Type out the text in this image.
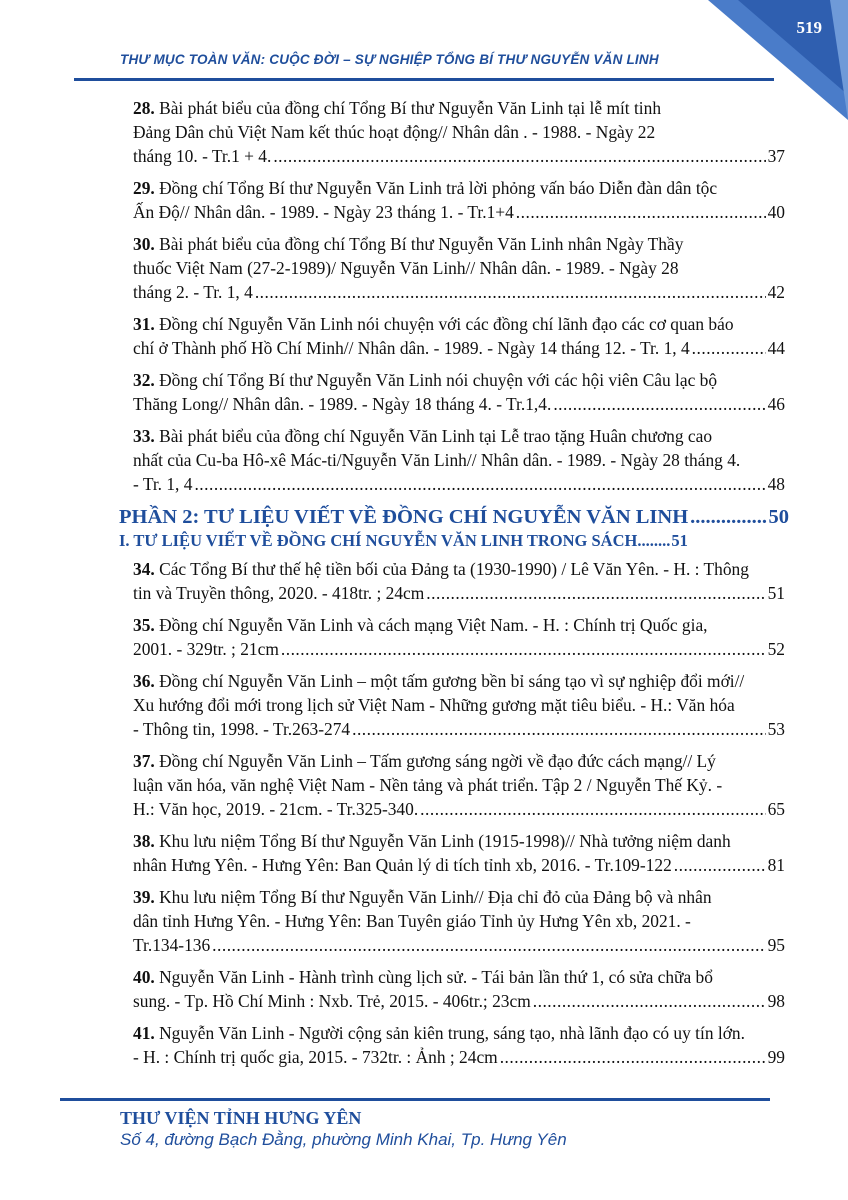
519
THƯ MỤC TOÀN VĂN: CUỘC ĐỜI – SỰ NGHIỆP TỔNG BÍ THƯ NGUYỄN VĂN LINH
28. Bài phát biểu của đồng chí Tổng Bí thư Nguyễn Văn Linh tại lễ mít tinh
Đảng Dân chủ Việt Nam kết thúc hoạt động// Nhân dân . - 1988. - Ngày 22
tháng 10. - Tr.1 + 4. .....	37
29. Đồng chí Tổng Bí thư Nguyễn Văn Linh trả lời phỏng vấn báo Diễn đàn dân tộc
Ấn Độ// Nhân dân. - 1989. - Ngày 23 tháng 1. - Tr.1+4 .....	40
30. Bài phát biểu của đồng chí Tổng Bí thư Nguyễn Văn Linh nhân Ngày Thầy
thuốc Việt Nam (27-2-1989)/ Nguyễn Văn Linh// Nhân dân. - 1989. - Ngày 28
tháng 2. - Tr. 1, 4 .....	42
31. Đồng chí Nguyễn Văn Linh nói chuyện với các đồng chí lãnh đạo các cơ quan báo
chí ở Thành phố Hồ Chí Minh// Nhân dân. - 1989. - Ngày 14 tháng 12. - Tr. 1, 4 .....	44
32. Đồng chí Tổng Bí thư Nguyễn Văn Linh nói chuyện với các hội viên Câu lạc bộ
Thăng Long// Nhân dân. - 1989. - Ngày 18 tháng 4. - Tr.1,4. .....	46
33. Bài phát biểu của đồng chí Nguyễn Văn Linh tại Lễ trao tặng Huân chương cao
nhất của Cu-ba Hô-xê Mác-ti/Nguyễn Văn Linh// Nhân dân. - 1989. - Ngày 28 tháng 4.
- Tr. 1, 4 .....	48
PHẦN 2: TƯ LIỆU VIẾT VỀ ĐỒNG CHÍ NGUYỄN VĂN LINH .....	50
I. TƯ LIỆU VIẾT VỀ ĐỒNG CHÍ NGUYỄN VĂN LINH TRONG SÁCH ..... 51
34. Các Tổng Bí thư thế hệ tiền bối của Đảng ta (1930-1990) / Lê Văn Yên. - H. : Thông
tin và Truyền thông, 2020. - 418tr. ; 24cm .....	51
35. Đồng chí Nguyễn Văn Linh và cách mạng Việt Nam. - H. : Chính trị Quốc gia,
2001. - 329tr. ; 21cm .....	52
36. Đồng chí Nguyễn Văn Linh – một tấm gương bền bỉ sáng tạo vì sự nghiệp đổi mới//
Xu hướng đổi mới trong lịch sử Việt Nam - Những gương mặt tiêu biểu. - H.: Văn hóa
- Thông tin, 1998. - Tr.263-274 .....	53
37. Đồng chí Nguyễn Văn Linh – Tấm gương sáng ngời về đạo đức cách mạng// Lý
luận văn hóa, văn nghệ Việt Nam - Nền tảng và phát triển. Tập 2 / Nguyễn Thế Kỷ. -
H.: Văn học, 2019. - 21cm. - Tr.325-340. .....	65
38. Khu lưu niệm Tổng Bí thư Nguyễn Văn Linh (1915-1998)// Nhà tưởng niệm danh
nhân Hưng Yên. - Hưng Yên: Ban Quản lý di tích tỉnh xb, 2016. - Tr.109-122 .....	81
39. Khu lưu niệm Tổng Bí thư Nguyễn Văn Linh// Địa chỉ đỏ của Đảng bộ và nhân
dân tỉnh Hưng Yên. - Hưng Yên: Ban Tuyên giáo Tỉnh ủy Hưng Yên xb, 2021. -
Tr.134-136 .....	95
40. Nguyễn Văn Linh - Hành trình cùng lịch sử. - Tái bản lần thứ 1, có sửa chữa bổ
sung. - Tp. Hồ Chí Minh : Nxb. Trẻ, 2015. - 406tr.; 23cm .....	98
41. Nguyễn Văn Linh - Người cộng sản kiên trung, sáng tạo, nhà lãnh đạo có uy tín lớn.
- H. : Chính trị quốc gia, 2015. - 732tr. : Ảnh ; 24cm .....	99
THƯ VIỆN TỈNH HƯNG YÊN
Số 4, đường Bạch Đằng, phường Minh Khai, Tp. Hưng Yên
